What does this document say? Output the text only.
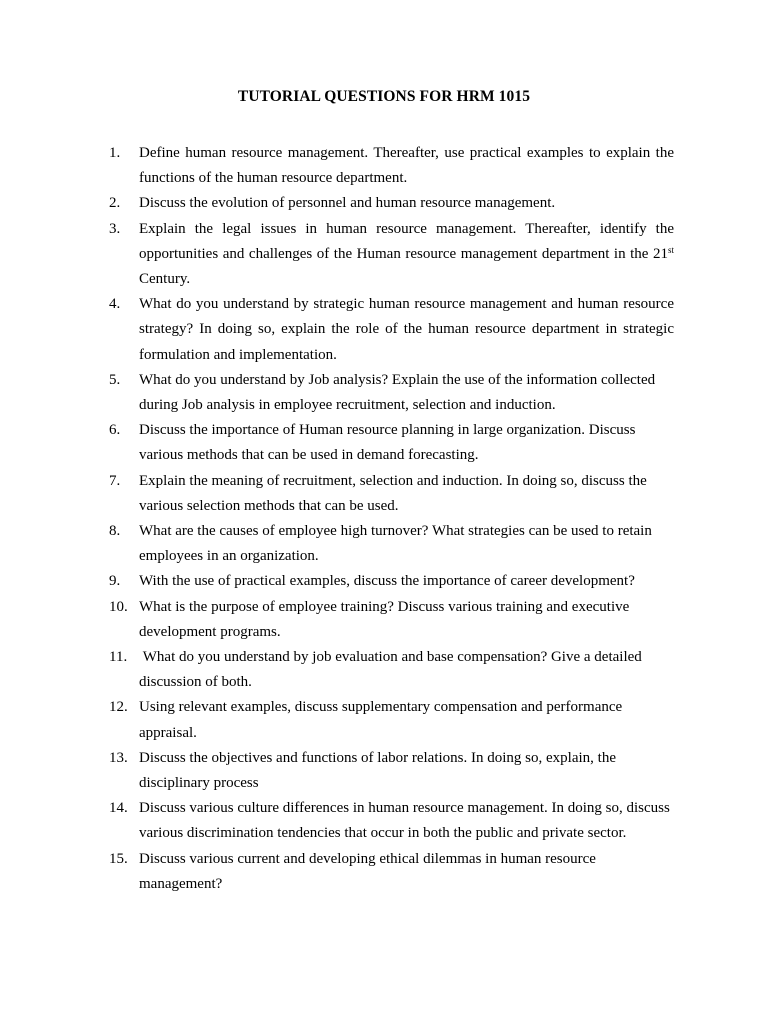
TUTORIAL QUESTIONS FOR HRM 1015
1.	Define human resource management. Thereafter, use practical examples to explain the functions of the human resource department.
2.	Discuss the evolution of personnel and human resource management.
3.	Explain the legal issues in human resource management. Thereafter, identify the opportunities and challenges of the Human resource management department in the 21st Century.
4.	What do you understand by strategic human resource management and human resource strategy? In doing so, explain the role of the human resource department in strategic formulation and implementation.
5.	What do you understand by Job analysis? Explain the use of the information collected during Job analysis in employee recruitment, selection and induction.
6.	Discuss the importance of Human resource planning in large organization. Discuss various methods that can be used in demand forecasting.
7.	Explain the meaning of recruitment, selection and induction. In doing so, discuss the various selection methods that can be used.
8.	What are the causes of employee high turnover? What strategies can be used to retain employees in an organization.
9.	With the use of practical examples, discuss the importance of career development?
10. What is the purpose of employee training? Discuss various training and executive development programs.
11. What do you understand by job evaluation and base compensation? Give a detailed discussion of both.
12. Using relevant examples, discuss supplementary compensation and performance appraisal.
13. Discuss the objectives and functions of labor relations. In doing so, explain, the disciplinary process
14. Discuss various culture differences in human resource management. In doing so, discuss various discrimination tendencies that occur in both the public and private sector.
15. Discuss various current and developing ethical dilemmas in human resource management?
